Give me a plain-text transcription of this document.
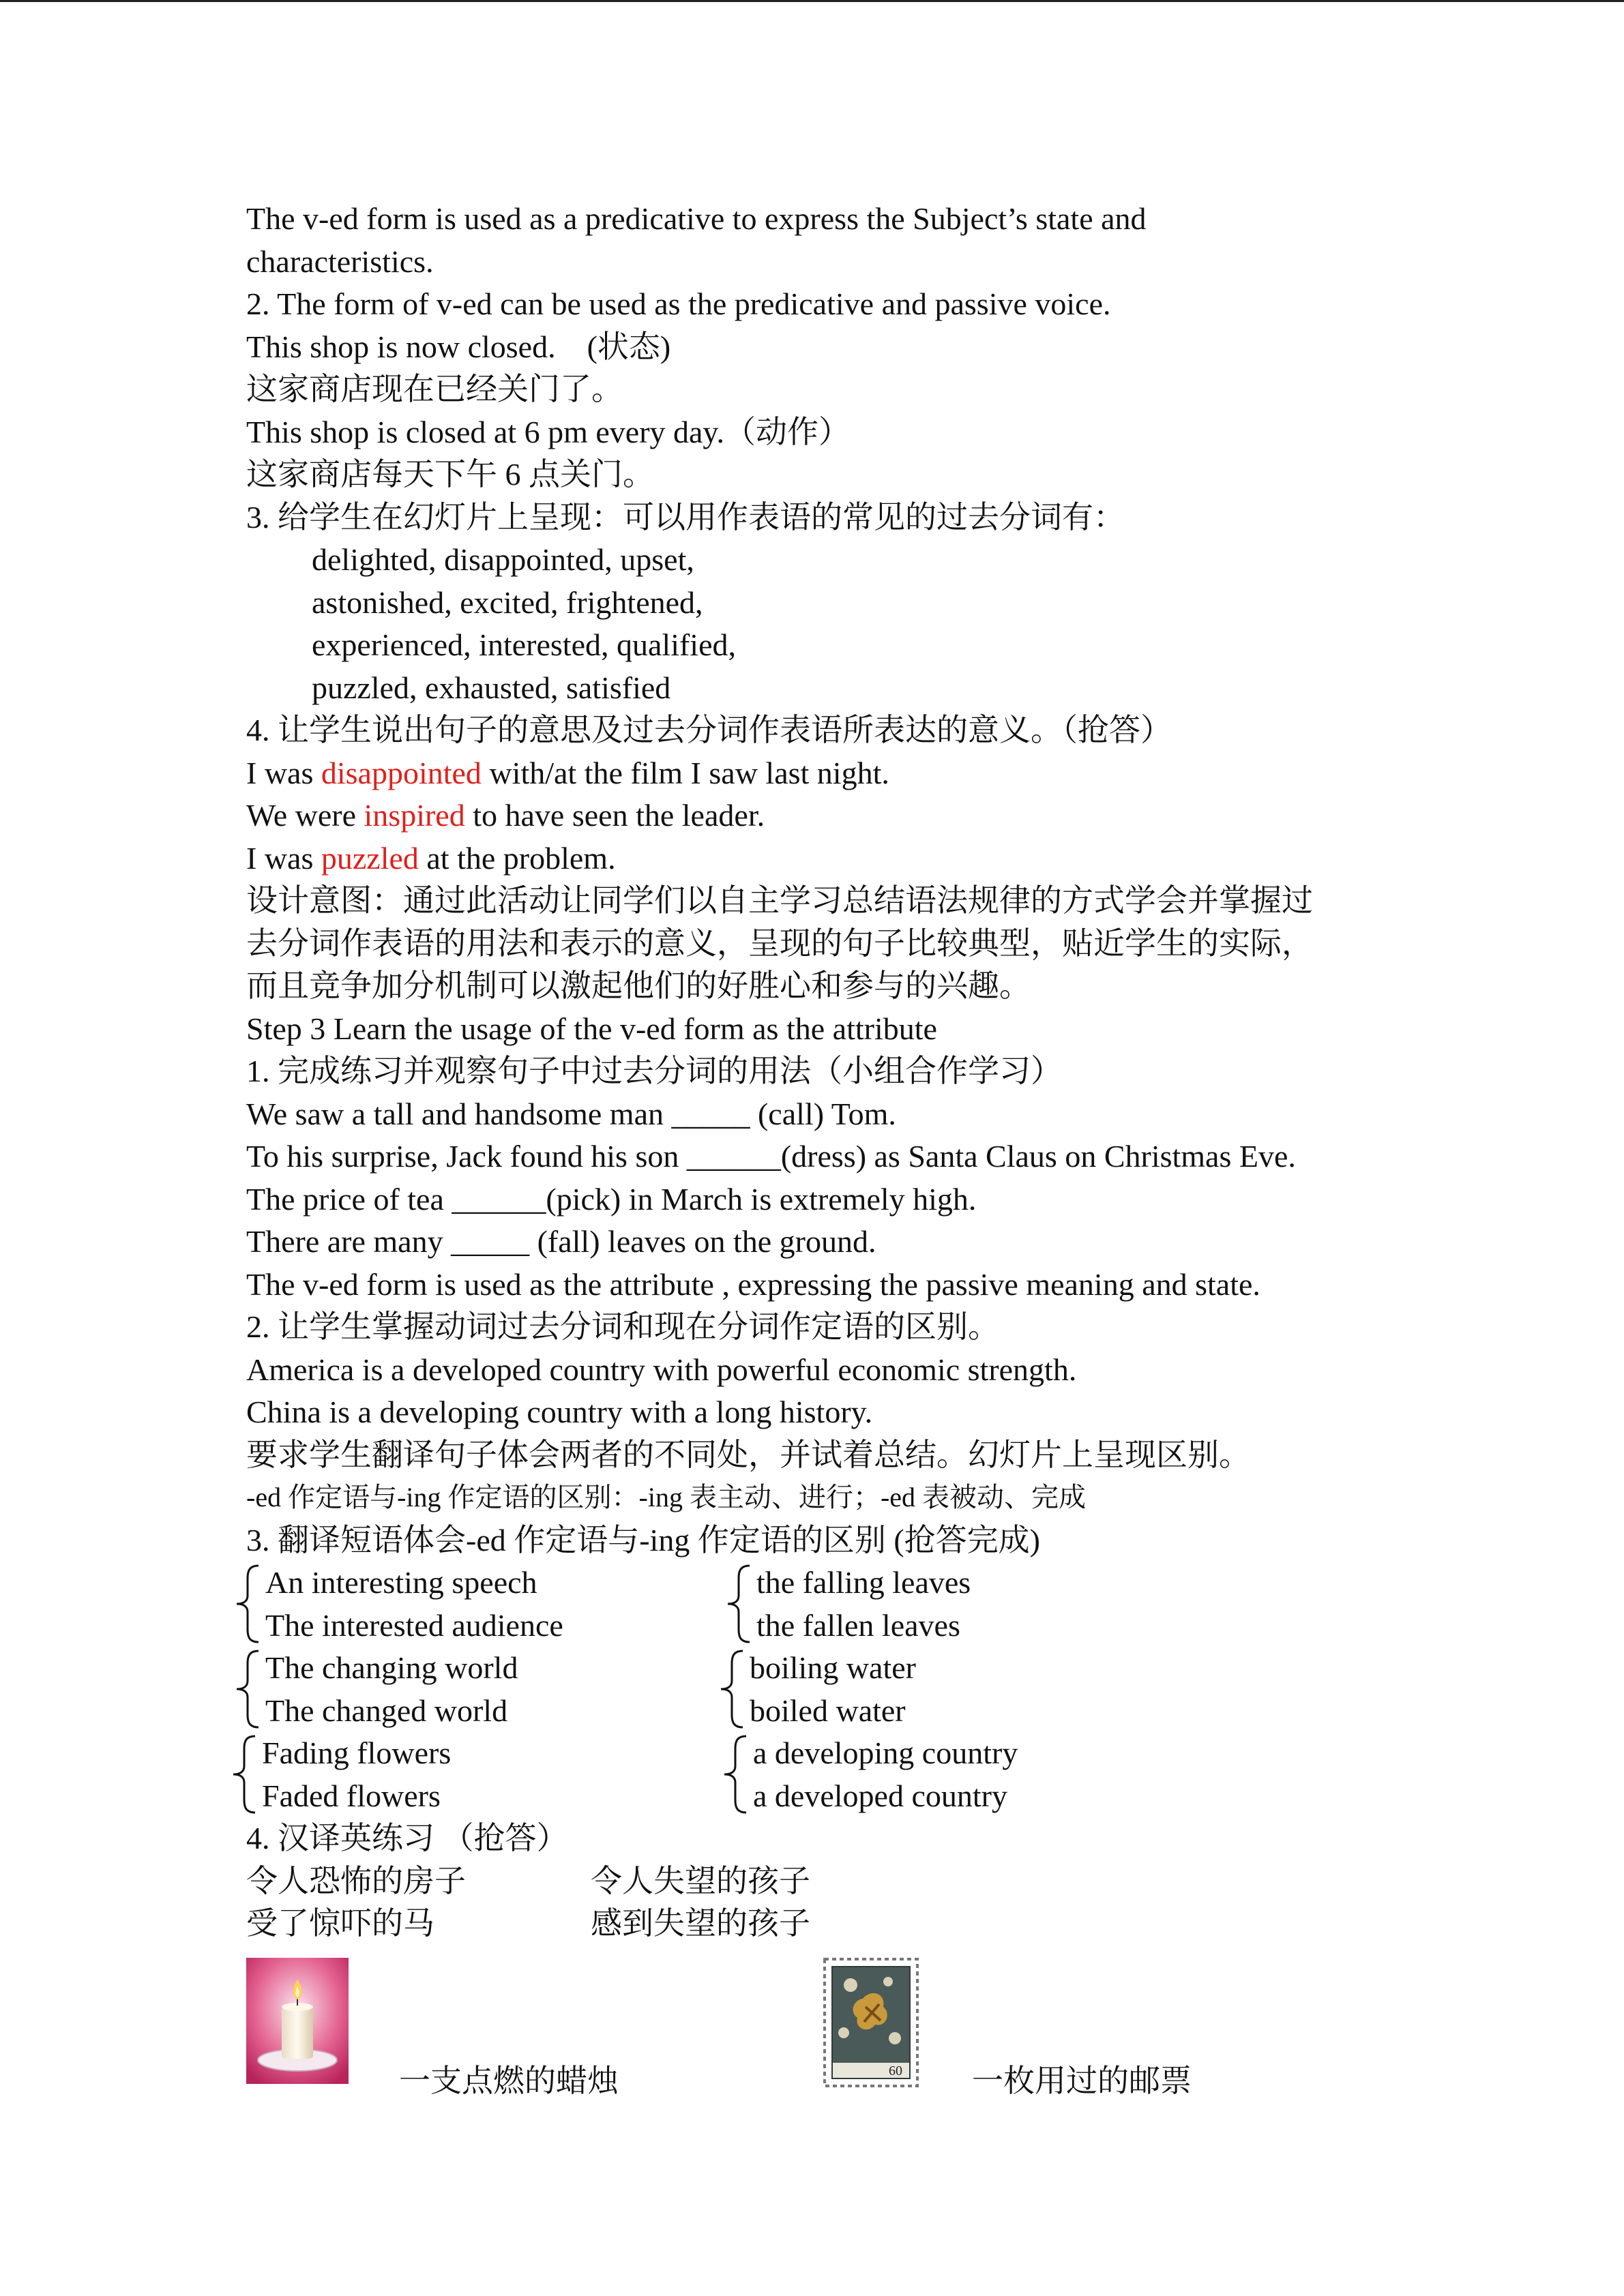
The v-ed form is used as a predicative to express the Subject’s state and
characteristics.
2. The form of v-ed can be used as the predicative and passive voice.
This shop is now closed.　(状态)
这家商店现在已经关门了。
This shop is closed at 6 pm every day.（动作）
这家商店每天下午 6 点关门。
3. 给学生在幻灯片上呈现：可以用作表语的常见的过去分词有：
delighted, disappointed, upset,
astonished, excited, frightened,
experienced, interested, qualified,
puzzled, exhausted, satisfied
4. 让学生说出句子的意思及过去分词作表语所表达的意义。（抢答）
I was disappointed with/at the film I saw last night.
We were inspired to have seen the leader.
I was puzzled at the problem.
设计意图：通过此活动让同学们以自主学习总结语法规律的方式学会并掌握过
去分词作表语的用法和表示的意义，呈现的句子比较典型，贴近学生的实际，
而且竞争加分机制可以激起他们的好胜心和参与的兴趣。
Step 3 Learn the usage of the v-ed form as the attribute
1. 完成练习并观察句子中过去分词的用法（小组合作学习）
We saw a tall and handsome man _____ (call) Tom.
To his surprise, Jack found his son ______(dress) as Santa Claus on Christmas Eve.
The price of tea ______(pick) in March is extremely high.
There are many _____ (fall) leaves on the ground.
The v-ed form is used as the attribute , expressing the passive meaning and state.
2. 让学生掌握动词过去分词和现在分词作定语的区别。
America is a developed country with powerful economic strength.
China is a developing country with a long history.
要求学生翻译句子体会两者的不同处，并试着总结。幻灯片上呈现区别。
-ed 作定语与-ing 作定语的区别：-ing 表主动、进行；-ed 表被动、完成
3. 翻译短语体会-ed 作定语与-ing 作定语的区别 (抢答完成)
An interesting speech
The interested audience
the falling leaves
the fallen leaves
The changing world
The changed world
boiling water
boiled water
Fading flowers
Faded flowers
a developing country
a developed country
4. 汉译英练习 （抢答）
令人恐怖的房子	令人失望的孩子
受了惊吓的马	感到失望的孩子
一支点燃的蜡烛	60 一枚用过的邮票
